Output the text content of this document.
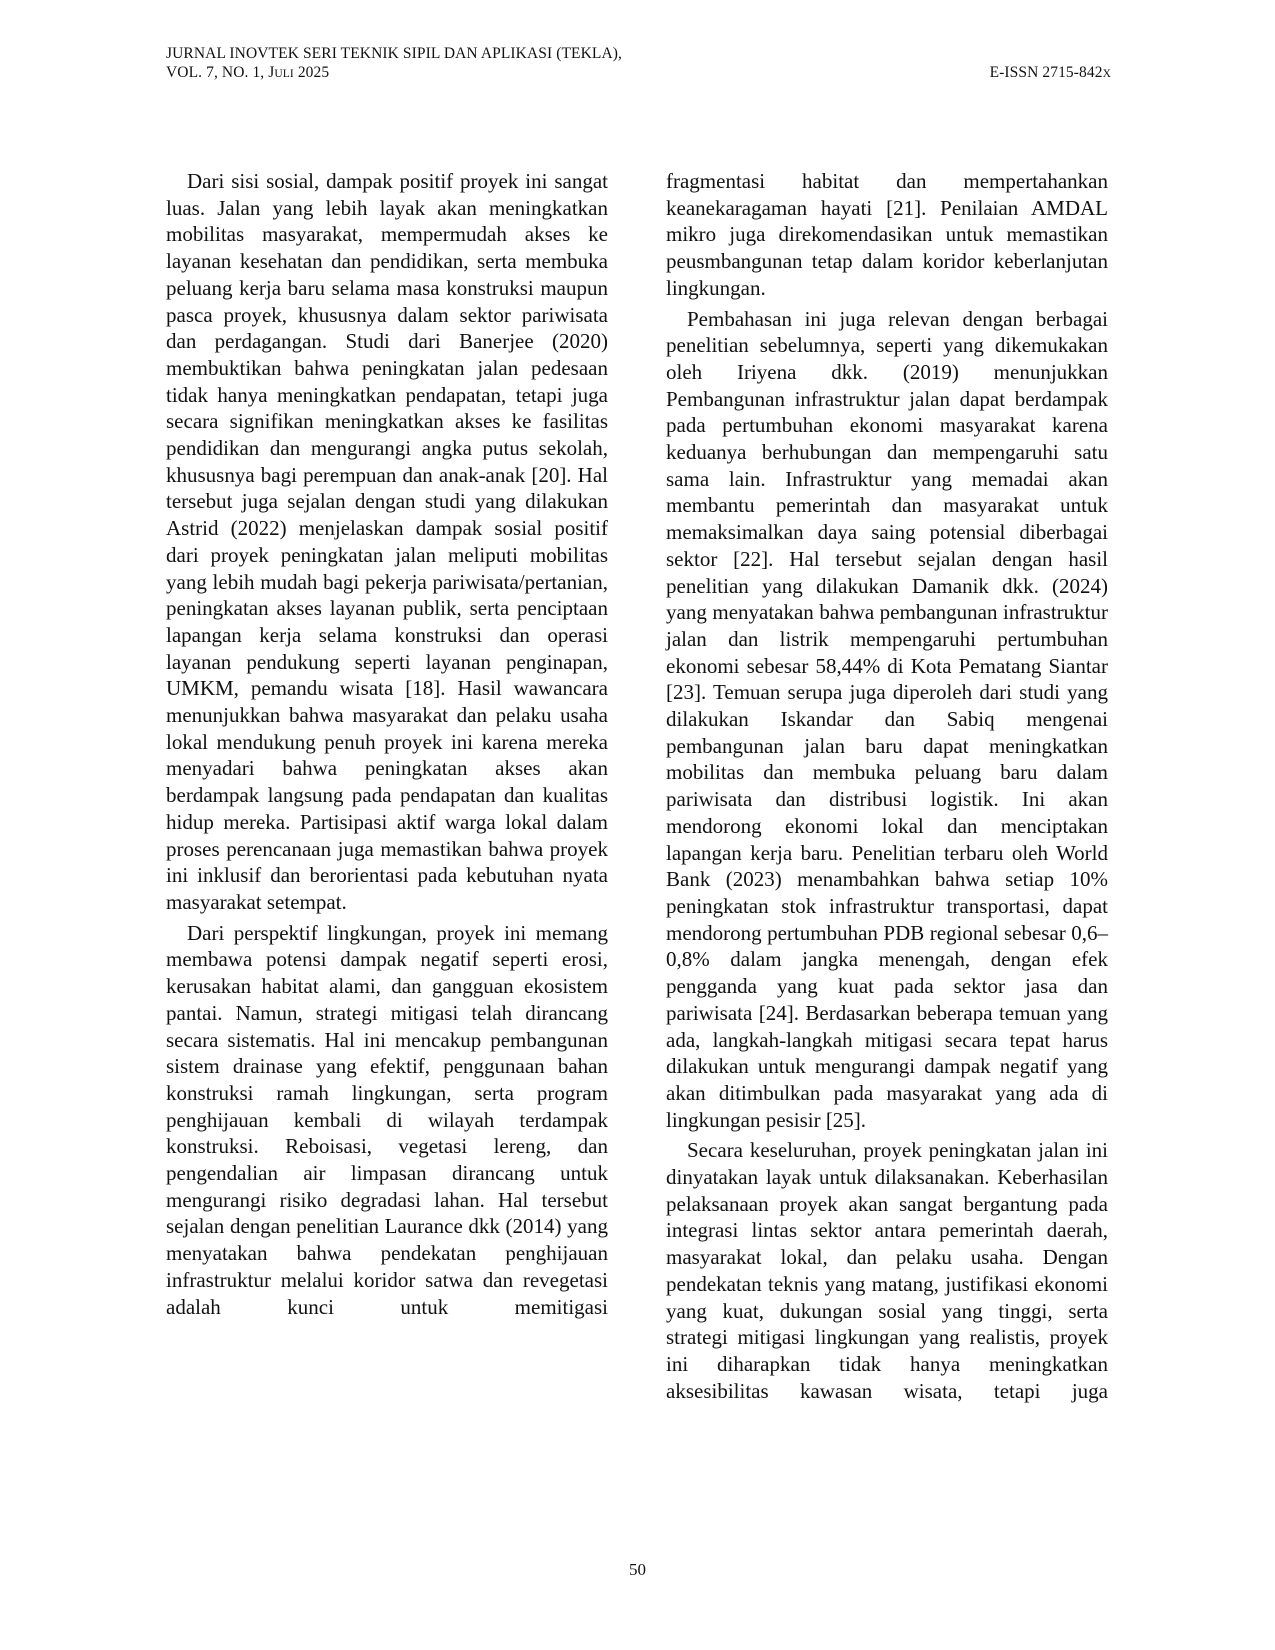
JURNAL INOVTEK SERI TEKNIK SIPIL DAN APLIKASI (TEKLA),
VOL. 7, NO. 1, JULI 2025	E-ISSN 2715-842X

Dari sisi sosial, dampak positif proyek ini sangat luas. Jalan yang lebih layak akan meningkatkan mobilitas masyarakat, mempermudah akses ke layanan kesehatan dan pendidikan, serta membuka peluang kerja baru selama masa konstruksi maupun pasca proyek, khususnya dalam sektor pariwisata dan perdagangan. Studi dari Banerjee (2020) membuktikan bahwa peningkatan jalan pedesaan tidak hanya meningkatkan pendapatan, tetapi juga secara signifikan meningkatkan akses ke fasilitas pendidikan dan mengurangi angka putus sekolah, khususnya bagi perempuan dan anak-anak [20]. Hal tersebut juga sejalan dengan studi yang dilakukan Astrid (2022) menjelaskan dampak sosial positif dari proyek peningkatan jalan meliputi mobilitas yang lebih mudah bagi pekerja pariwisata/pertanian, peningkatan akses layanan publik, serta penciptaan lapangan kerja selama konstruksi dan operasi layanan pendukung seperti layanan penginapan, UMKM, pemandu wisata [18]. Hasil wawancara menunjukkan bahwa masyarakat dan pelaku usaha lokal mendukung penuh proyek ini karena mereka menyadari bahwa peningkatan akses akan berdampak langsung pada pendapatan dan kualitas hidup mereka. Partisipasi aktif warga lokal dalam proses perencanaan juga memastikan bahwa proyek ini inklusif dan berorientasi pada kebutuhan nyata masyarakat setempat.

Dari perspektif lingkungan, proyek ini memang membawa potensi dampak negatif seperti erosi, kerusakan habitat alami, dan gangguan ekosistem pantai. Namun, strategi mitigasi telah dirancang secara sistematis. Hal ini mencakup pembangunan sistem drainase yang efektif, penggunaan bahan konstruksi ramah lingkungan, serta program penghijauan kembali di wilayah terdampak konstruksi. Reboisasi, vegetasi lereng, dan pengendalian air limpasan dirancang untuk mengurangi risiko degradasi lahan. Hal tersebut sejalan dengan penelitian Laurance dkk (2014) yang menyatakan bahwa pendekatan penghijauan infrastruktur melalui koridor satwa dan revegetasi adalah kunci untuk memitigasi

fragmentasi habitat dan mempertahankan keanekaragaman hayati [21]. Penilaian AMDAL mikro juga direkomendasikan untuk memastikan peusmbangunan tetap dalam koridor keberlanjutan lingkungan.

Pembahasan ini juga relevan dengan berbagai penelitian sebelumnya, seperti yang dikemukakan oleh Iriyena dkk. (2019) menunjukkan Pembangunan infrastruktur jalan dapat berdampak pada pertumbuhan ekonomi masyarakat karena keduanya berhubungan dan mempengaruhi satu sama lain. Infrastruktur yang memadai akan membantu pemerintah dan masyarakat untuk memaksimalkan daya saing potensial diberbagai sektor [22]. Hal tersebut sejalan dengan hasil penelitian yang dilakukan Damanik dkk. (2024) yang menyatakan bahwa pembangunan infrastruktur jalan dan listrik mempengaruhi pertumbuhan ekonomi sebesar 58,44% di Kota Pematang Siantar [23]. Temuan serupa juga diperoleh dari studi yang dilakukan Iskandar dan Sabiq mengenai pembangunan jalan baru dapat meningkatkan mobilitas dan membuka peluang baru dalam pariwisata dan distribusi logistik. Ini akan mendorong ekonomi lokal dan menciptakan lapangan kerja baru. Penelitian terbaru oleh World Bank (2023) menambahkan bahwa setiap 10% peningkatan stok infrastruktur transportasi, dapat mendorong pertumbuhan PDB regional sebesar 0,6–0,8% dalam jangka menengah, dengan efek pengganda yang kuat pada sektor jasa dan pariwisata [24]. Berdasarkan beberapa temuan yang ada, langkah-langkah mitigasi secara tepat harus dilakukan untuk mengurangi dampak negatif yang akan ditimbulkan pada masyarakat yang ada di lingkungan pesisir [25].

Secara keseluruhan, proyek peningkatan jalan ini dinyatakan layak untuk dilaksanakan. Keberhasilan pelaksanaan proyek akan sangat bergantung pada integrasi lintas sektor antara pemerintah daerah, masyarakat lokal, dan pelaku usaha. Dengan pendekatan teknis yang matang, justifikasi ekonomi yang kuat, dukungan sosial yang tinggi, serta strategi mitigasi lingkungan yang realistis, proyek ini diharapkan tidak hanya meningkatkan aksesibilitas kawasan wisata, tetapi juga

50
